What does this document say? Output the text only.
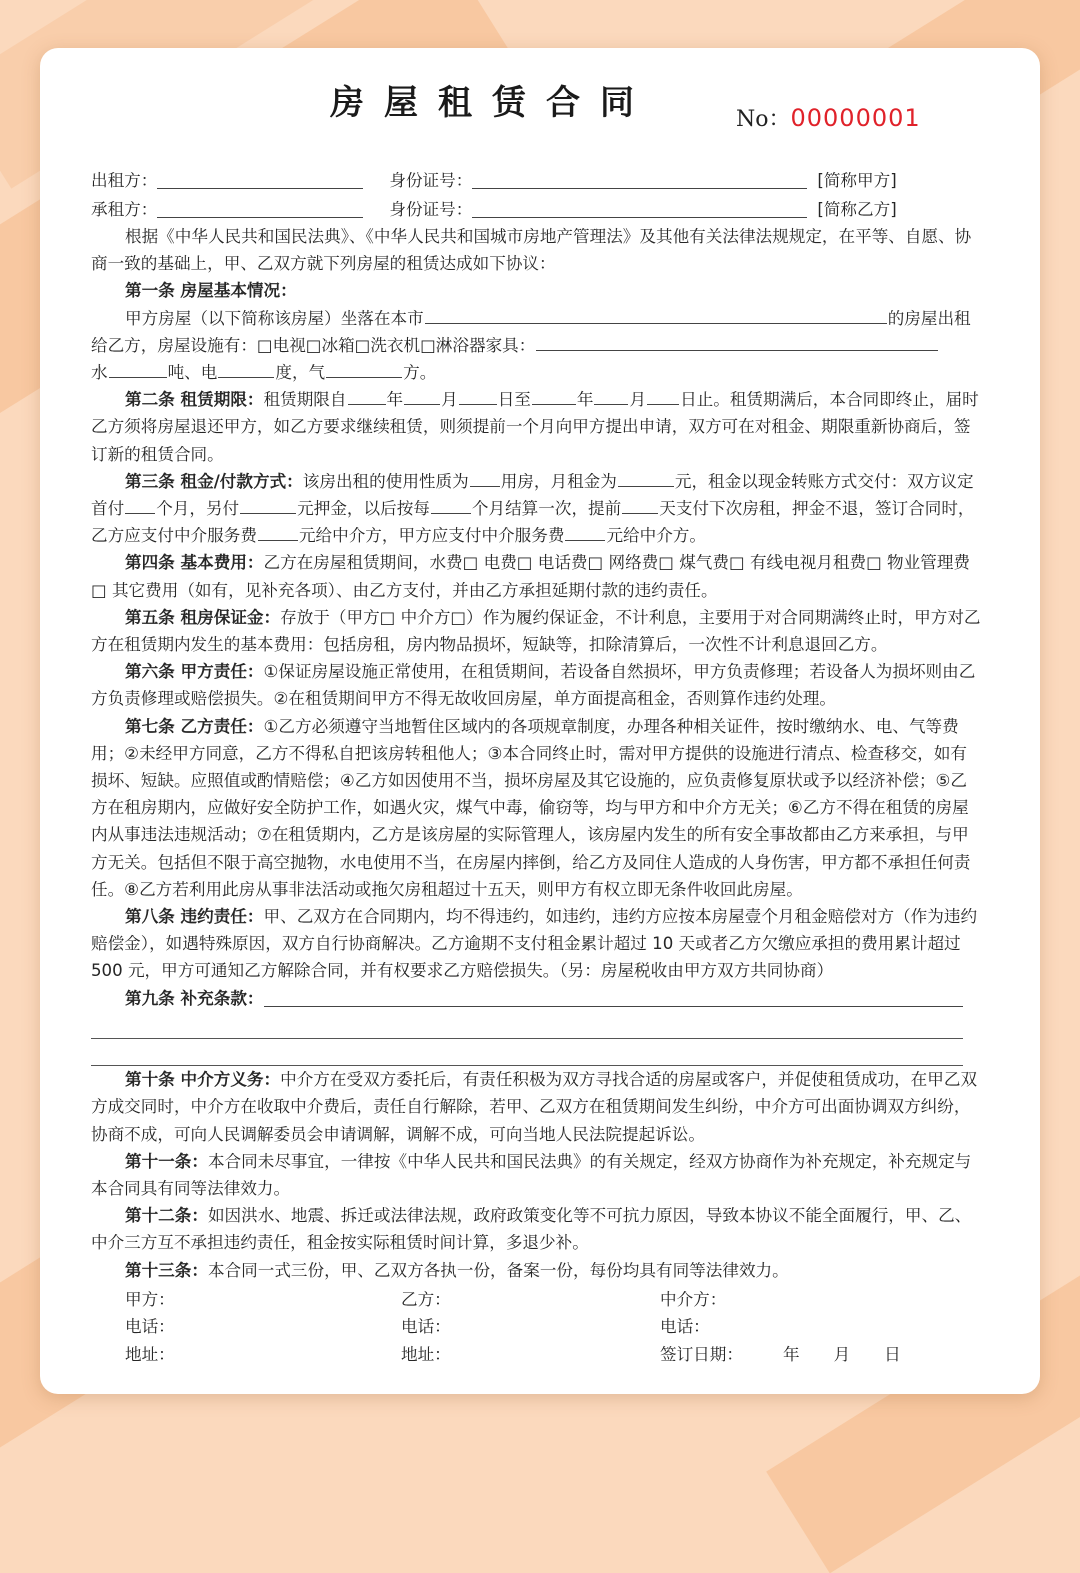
房屋租赁合同	No：00000001
出租方：	身份证号：	[简称甲方]
承租方：	身份证号：	[简称乙方]

根据《中华人民共和国民法典》、《中华人民共和国城市房地产管理法》及其他有关法律法规规定，在平等、自愿、协商一致的基础上，甲、乙双方就下列房屋的租赁达成如下协议：

第一条 房屋基本情况：

甲方房屋（以下简称该房屋）坐落在本市	的房屋出租给乙方，房屋设施有：□电视□冰箱□洗衣机□淋浴器家具：
水	吨、电	度，气	方。

第二条 租赁期限：租赁期限自 年 月 日至	年 月 日止。租赁期满后，本合同即终止，届时乙方须将房屋退还甲方，如乙方要求继续租赁，则须提前一个月向甲方提出申请，双方可在对租金、期限重新协商后，签订新的租赁合同。

第三条 租金/付款方式：该房出租的使用性质为 用房，月租金为	元，租金以现金转账方式交付：双方议定首付 个月，另付	元押金，以后按每	个月结算一次，提前 天支付下次房租，押金不退，签订合同时，乙方应支付中介服务费	元给中介方，甲方应支付中介服务费	元给中介方。

第四条 基本费用：乙方在房屋租赁期间，水费□ 电费□ 电话费□ 网络费□ 煤气费□ 有线电视月租费□ 物业管理费□ 其它费用（如有，见补充各项）、由乙方支付，并由乙方承担延期付款的违约责任。

第五条 租房保证金：存放于（甲方□ 中介方□）作为履约保证金，不计利息，主要用于对合同期满终止时，甲方对乙方在租赁期内发生的基本费用：包括房租，房内物品损坏，短缺等，扣除清算后，一次性不计利息退回乙方。

第六条 甲方责任：①保证房屋设施正常使用，在租赁期间，若设备自然损坏，甲方负责修理；若设备人为损坏则由乙方负责修理或赔偿损失。②在租赁期间甲方不得无故收回房屋，单方面提高租金，否则算作违约处理。

第七条 乙方责任：①乙方必须遵守当地暂住区域内的各项规章制度，办理各种相关证件，按时缴纳水、电、气等费用；②未经甲方同意，乙方不得私自把该房转租他人；③本合同终止时，需对甲方提供的设施进行清点、检查移交，如有损坏、短缺。应照值或酌情赔偿；④乙方如因使用不当，损坏房屋及其它设施的，应负责修复原状或予以经济补偿；⑤乙方在租房期内，应做好安全防护工作，如遇火灾，煤气中毒，偷窃等，均与甲方和中介方无关；⑥乙方不得在租赁的房屋内从事违法违规活动；⑦在租赁期内，乙方是该房屋的实际管理人，该房屋内发生的所有安全事故都由乙方来承担，与甲方无关。包括但不限于高空抛物，水电使用不当，在房屋内摔倒，给乙方及同住人造成的人身伤害，甲方都不承担任何责任。⑧乙方若利用此房从事非法活动或拖欠房租超过十五天，则甲方有权立即无条件收回此房屋。

第八条 违约责任：甲、乙双方在合同期内，均不得违约，如违约，违约方应按本房屋壹个月租金赔偿对方（作为违约赔偿金），如遇特殊原因，双方自行协商解决。乙方逾期不支付租金累计超过 10 天或者乙方欠缴应承担的费用累计超过 500 元，甲方可通知乙方解除合同，并有权要求乙方赔偿损失。（另：房屋税收由甲方双方共同协商）

第九条 补充条款：

第十条 中介方义务：中介方在受双方委托后，有责任积极为双方寻找合适的房屋或客户，并促使租赁成功，在甲乙双方成交同时，中介方在收取中介费后，责任自行解除，若甲、乙双方在租赁期间发生纠纷，中介方可出面协调双方纠纷，协商不成，可向人民调解委员会申请调解，调解不成，可向当地人民法院提起诉讼。

第十一条：本合同未尽事宜，一律按《中华人民共和国民法典》的有关规定，经双方协商作为补充规定，补充规定与本合同具有同等法律效力。

第十二条：如因洪水、地震、拆迁或法律法规，政府政策变化等不可抗力原因，导致本协议不能全面履行，甲、乙、中介三方互不承担违约责任，租金按实际租赁时间计算，多退少补。

第十三条：本合同一式三份，甲、乙双方各执一份，备案一份，每份均具有同等法律效力。

甲方：	乙方：	中介方：
电话：	电话：	电话：
地址：	地址：	签订日期： 年 月 日
